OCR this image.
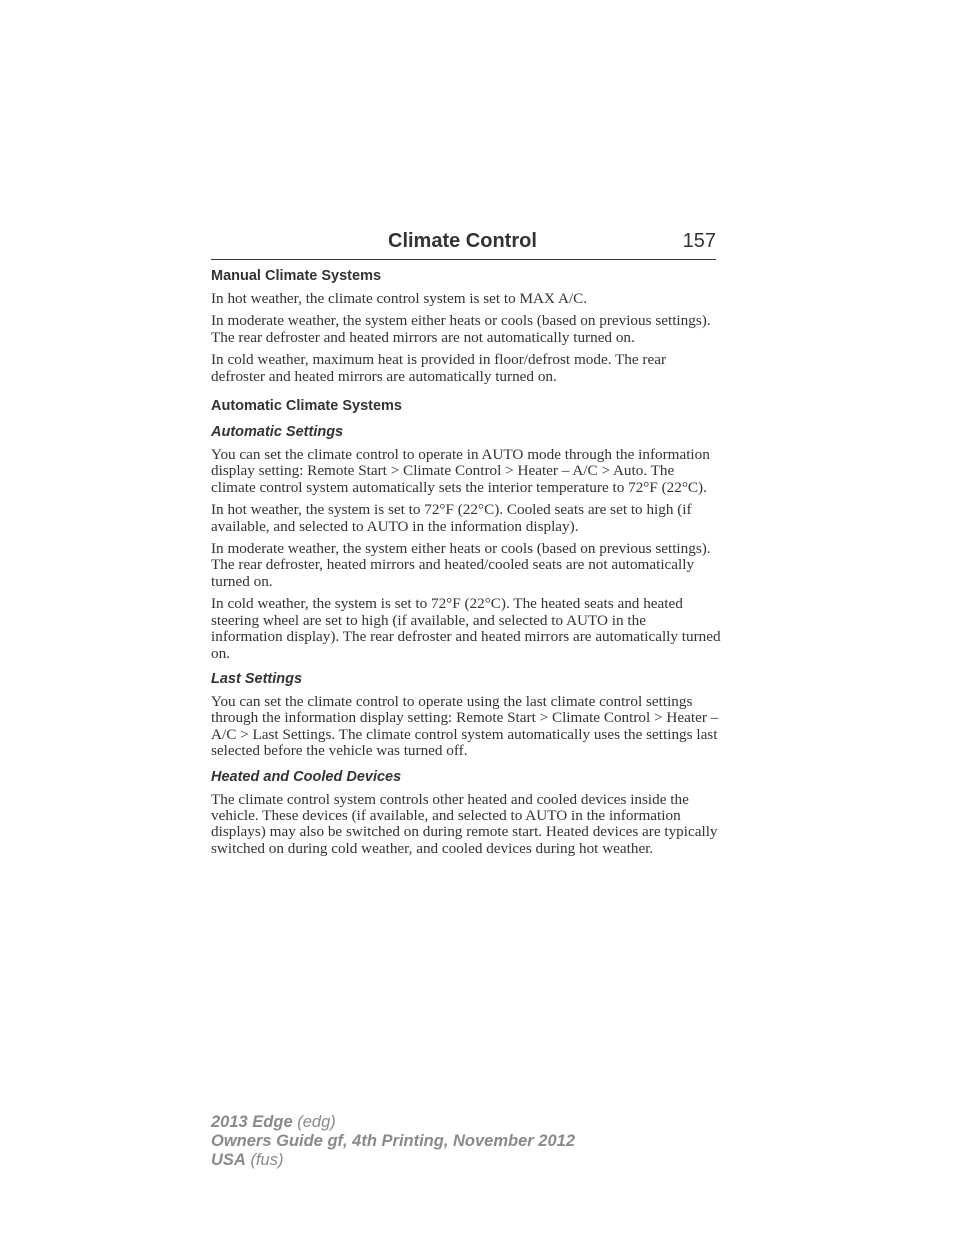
Climate Control	157
Manual Climate Systems

In hot weather, the climate control system is set to MAX A/C.

In moderate weather, the system either heats or cools (based on previous settings). The rear defroster and heated mirrors are not automatically turned on.

In cold weather, maximum heat is provided in floor/defrost mode. The rear defroster and heated mirrors are automatically turned on.

Automatic Climate Systems
Automatic Settings

You can set the climate control to operate in AUTO mode through the information display setting: Remote Start > Climate Control > Heater – A/C > Auto. The climate control system automatically sets the interior temperature to 72°F (22°C).

In hot weather, the system is set to 72°F (22°C). Cooled seats are set to high (if available, and selected to AUTO in the information display).

In moderate weather, the system either heats or cools (based on previous settings). The rear defroster, heated mirrors and heated/cooled seats are not automatically turned on.

In cold weather, the system is set to 72°F (22°C). The heated seats and heated steering wheel are set to high (if available, and selected to AUTO in the information display). The rear defroster and heated mirrors are automatically turned on.

Last Settings

You can set the climate control to operate using the last climate control settings through the information display setting: Remote Start > Climate Control > Heater – A/C > Last Settings. The climate control system automatically uses the settings last selected before the vehicle was turned off.

Heated and Cooled Devices

The climate control system controls other heated and cooled devices inside the vehicle. These devices (if available, and selected to AUTO in the information displays) may also be switched on during remote start. Heated devices are typically switched on during cold weather, and cooled devices during hot weather.

2013 Edge (edg)
Owners Guide gf, 4th Printing, November 2012
USA (fus)
